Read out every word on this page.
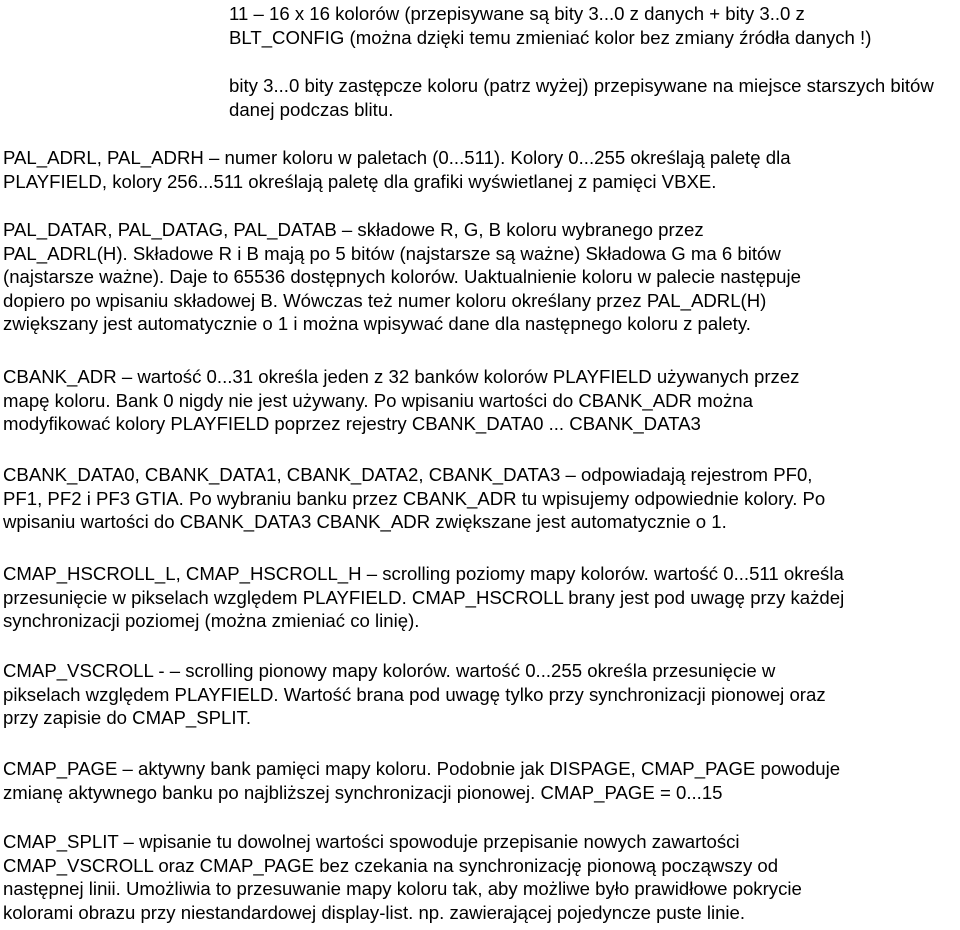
11 – 16 x 16 kolorów (przepisywane są bity 3...0 z danych + bity 3..0 z
BLT_CONFIG (można dzięki temu zmieniać kolor bez zmiany źródła danych !)
bity 3...0 bity zastępcze koloru (patrz wyżej) przepisywane na miejsce starszych bitów
danej podczas blitu.
PAL_ADRL, PAL_ADRH – numer koloru w paletach (0...511). Kolory 0...255 określają paletę dla
PLAYFIELD, kolory 256...511 określają paletę dla grafiki wyświetlanej z pamięci VBXE.
PAL_DATAR, PAL_DATAG, PAL_DATAB – składowe R, G, B koloru wybranego przez
PAL_ADRL(H). Składowe R i B mają po 5 bitów (najstarsze są ważne) Składowa G ma 6 bitów
(najstarsze ważne). Daje to 65536 dostępnych kolorów. Uaktualnienie koloru w palecie następuje
dopiero po wpisaniu składowej B. Wówczas też numer koloru określany przez PAL_ADRL(H)
zwiększany jest automatycznie o 1 i można wpisywać dane dla następnego koloru z palety.
CBANK_ADR – wartość 0...31 określa jeden z 32 banków kolorów PLAYFIELD używanych przez
mapę koloru. Bank 0 nigdy nie jest używany. Po wpisaniu wartości do CBANK_ADR można
modyfikować kolory PLAYFIELD poprzez rejestry CBANK_DATA0 ... CBANK_DATA3
CBANK_DATA0, CBANK_DATA1, CBANK_DATA2, CBANK_DATA3 – odpowiadają rejestrom PF0,
PF1, PF2 i PF3 GTIA. Po wybraniu banku przez CBANK_ADR tu wpisujemy odpowiednie kolory. Po
wpisaniu wartości do CBANK_DATA3 CBANK_ADR zwiększane jest automatycznie o 1.
CMAP_HSCROLL_L, CMAP_HSCROLL_H – scrolling poziomy mapy kolorów. wartość 0...511 określa
przesunięcie w pikselach względem PLAYFIELD. CMAP_HSCROLL brany jest pod uwagę przy każdej
synchronizacji poziomej (można zmieniać co linię).
CMAP_VSCROLL - – scrolling pionowy mapy kolorów. wartość 0...255 określa przesunięcie w
pikselach względem PLAYFIELD. Wartość brana pod uwagę tylko przy synchronizacji pionowej oraz
przy zapisie do CMAP_SPLIT.
CMAP_PAGE – aktywny bank pamięci mapy koloru. Podobnie jak DISPAGE, CMAP_PAGE powoduje
zmianę aktywnego banku po najbliższej synchronizacji pionowej. CMAP_PAGE = 0...15
CMAP_SPLIT – wpisanie tu dowolnej wartości spowoduje przepisanie nowych zawartości
CMAP_VSCROLL oraz CMAP_PAGE bez czekania na synchronizację pionową począwszy od
następnej linii. Umożliwia to przesuwanie mapy koloru tak, aby możliwe było prawidłowe pokrycie
kolorami obrazu przy niestandardowej display-list. np. zawierającej pojedyncze puste linie.
